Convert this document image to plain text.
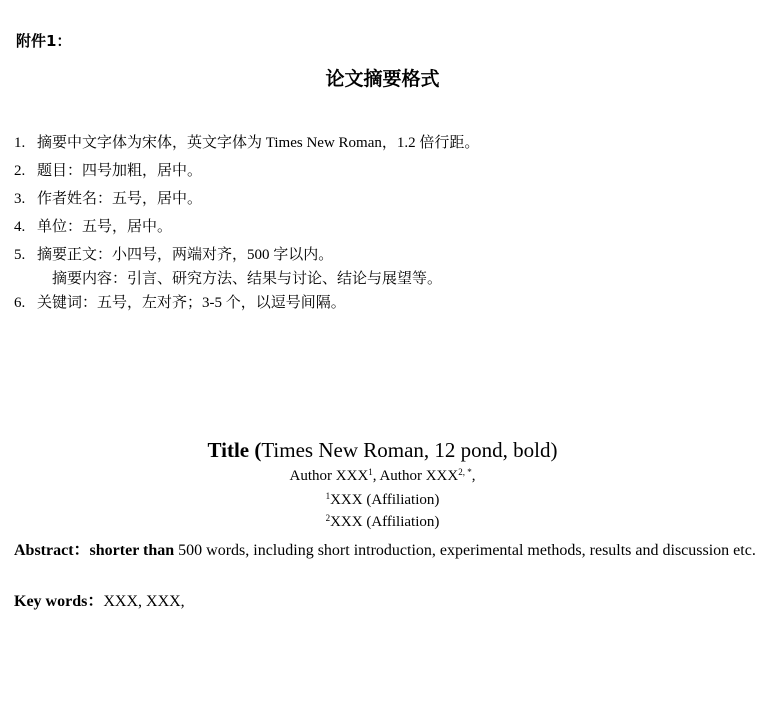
附件1：
论文摘要格式
1. 摘要中文字体为宋体，英文字体为 Times New Roman，1.2 倍行距。
2. 题目：四号加粗，居中。
3. 作者姓名：五号，居中。
4. 单位：五号，居中。
5. 摘要正文：小四号，两端对齐，500 字以内。
摘要内容：引言、研究方法、结果与讨论、结论与展望等。
6. 关键词：五号，左对齐；3-5 个，以逗号间隔。
Title (Times New Roman, 12 pond, bold)
Author XXX$^1$, Author $XXX^{2, *}$,
$^1$XXX (Affiliation)
$^2$XXX (Affiliation)
Abstract：shorter than 500 words, including short introduction, experimental methods, results and discussion etc.
Key words：XXX, XXX,
